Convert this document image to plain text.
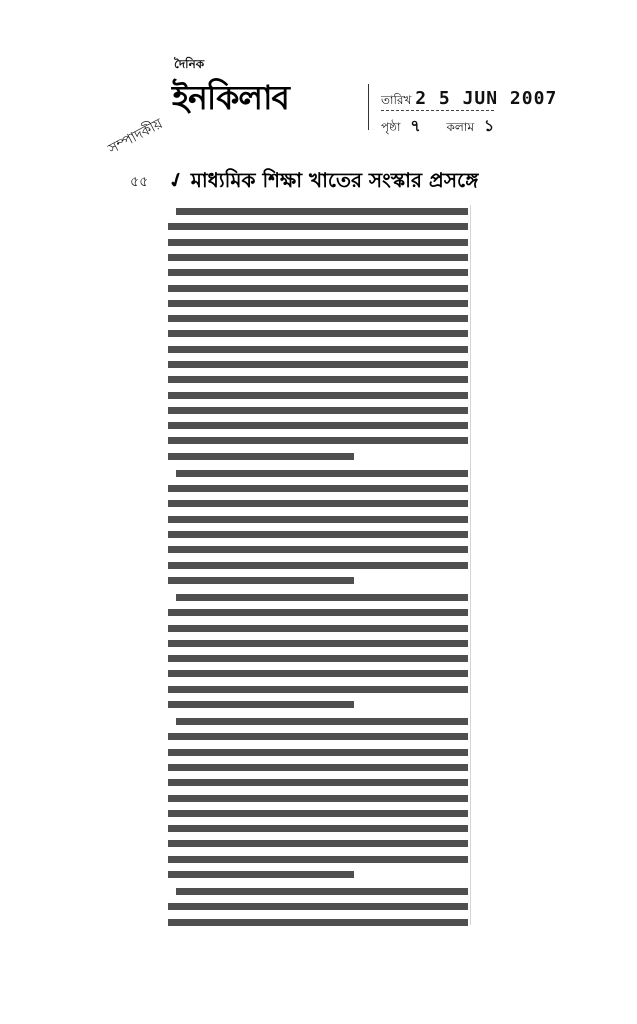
দৈনিক
ইনকিলাব	তারিখ 2 5 JUN 2007
পৃষ্ঠা ৭ কলাম ১
সম্পাদকীয়
৫৫ ✓ মাধ্যমিক শিক্ষা খাতের সংস্কার প্রসঙ্গে
